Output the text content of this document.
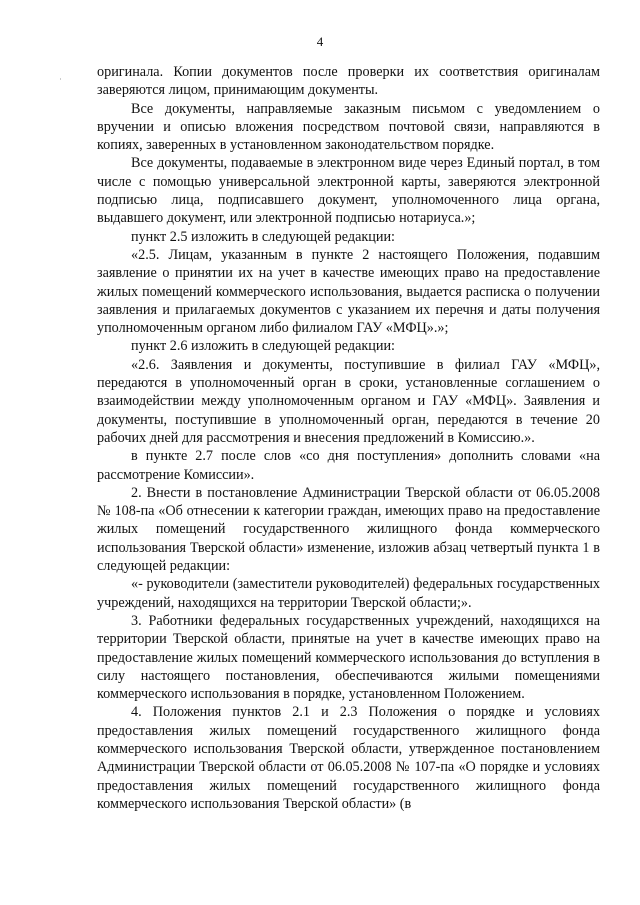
4

оригинала. Копии документов после проверки их соответствия оригиналам заверяются лицом, принимающим документы.

Все документы, направляемые заказным письмом с уведомлением о вручении и описью вложения посредством почтовой связи, направляются в копиях, заверенных в установленном законодательством порядке.

Все документы, подаваемые в электронном виде через Единый портал, в том числе с помощью универсальной электронной карты, заверяются электронной подписью лица, подписавшего документ, уполномоченного лица органа, выдавшего документ, или электронной подписью нотариуса.»;

пункт 2.5 изложить в следующей редакции:

«2.5. Лицам, указанным в пункте 2 настоящего Положения, подавшим заявление о принятии их на учет в качестве имеющих право на предоставление жилых помещений коммерческого использования, выдается расписка о получении заявления и прилагаемых документов с указанием их перечня и даты получения уполномоченным органом либо филиалом ГАУ «МФЦ».»;

пункт 2.6 изложить в следующей редакции:

«2.6. Заявления и документы, поступившие в филиал ГАУ «МФЦ», передаются в уполномоченный орган в сроки, установленные соглашением о взаимодействии между уполномоченным органом и ГАУ «МФЦ». Заявления и документы, поступившие в уполномоченный орган, передаются в течение 20 рабочих дней для рассмотрения и внесения предложений в Комиссию.».

в пункте 2.7 после слов «со дня поступления» дополнить словами «на рассмотрение Комиссии».

2. Внести в постановление Администрации Тверской области от 06.05.2008 № 108-па «Об отнесении к категории граждан, имеющих право на предоставление жилых помещений государственного жилищного фонда коммерческого использования Тверской области» изменение, изложив абзац четвертый пункта 1 в следующей редакции:

«- руководители (заместители руководителей) федеральных государственных учреждений, находящихся на территории Тверской области;».

3. Работники федеральных государственных учреждений, находящихся на территории Тверской области, принятые на учет в качестве имеющих право на предоставление жилых помещений коммерческого использования до вступления в силу настоящего постановления, обеспечиваются жилыми помещениями коммерческого использования в порядке, установленном Положением.

4. Положения пунктов 2.1 и 2.3 Положения о порядке и условиях предоставления жилых помещений государственного жилищного фонда коммерческого использования Тверской области, утвержденное постановлением Администрации Тверской области от 06.05.2008 № 107-па «О порядке и условиях предоставления жилых помещений государственного жилищного фонда коммерческого использования Тверской области» (в
